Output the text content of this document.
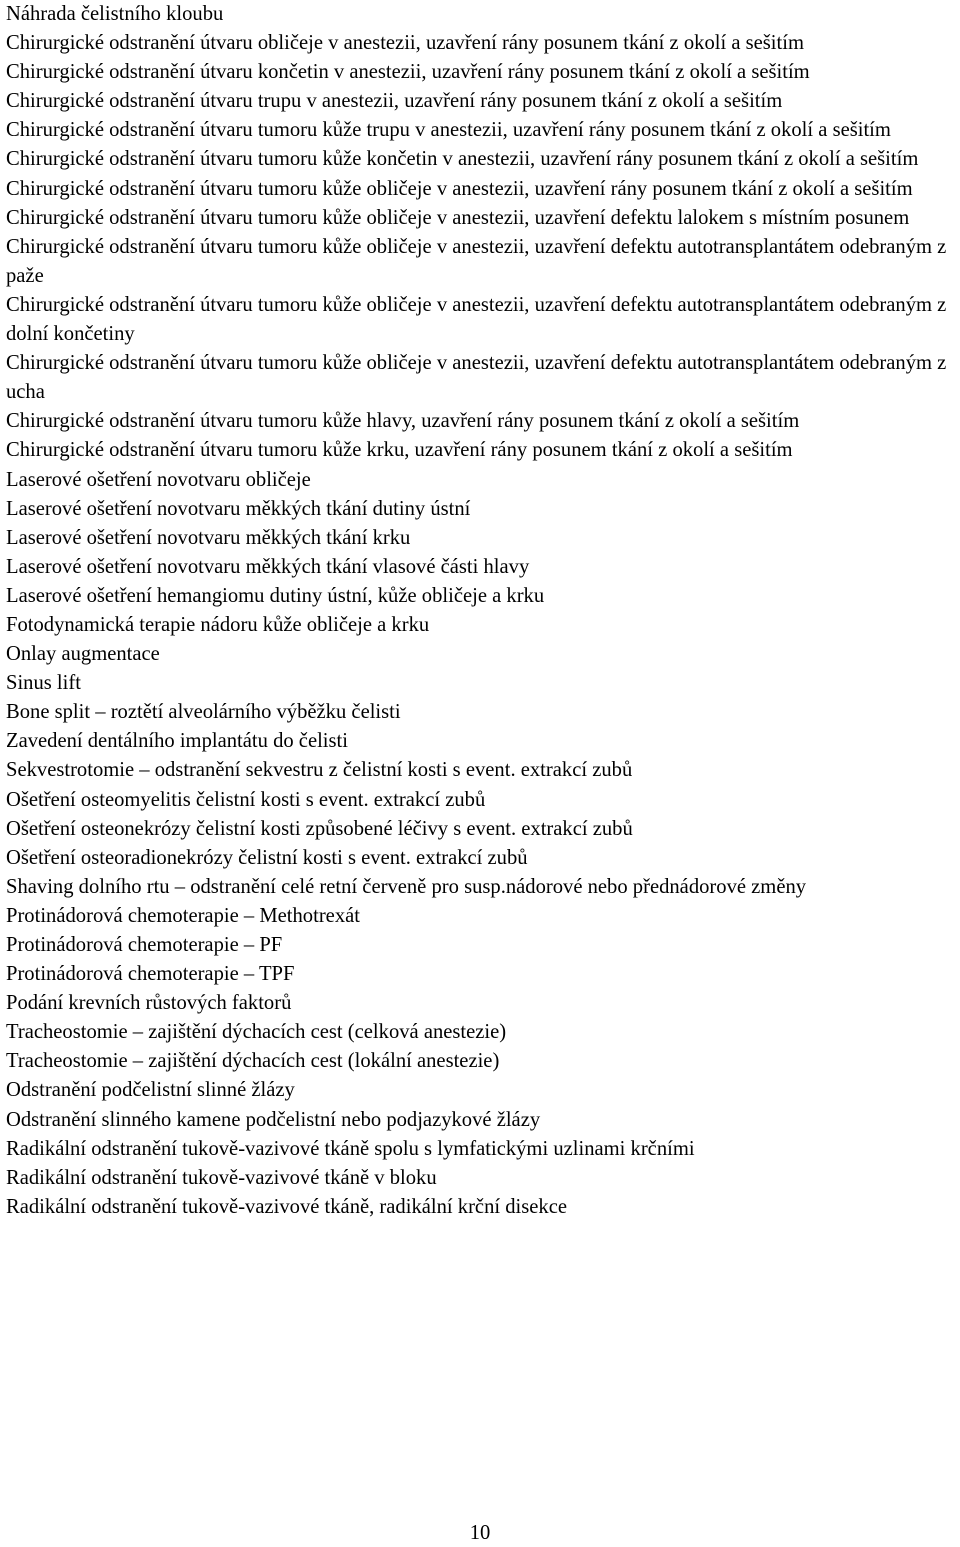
Náhrada čelistního kloubu
Chirurgické odstranění útvaru obličeje v anestezii, uzavření rány posunem tkání z okolí a sešitím
Chirurgické odstranění útvaru končetin v anestezii, uzavření rány posunem tkání z okolí a sešitím
Chirurgické odstranění útvaru trupu v anestezii, uzavření rány posunem tkání z okolí a sešitím
Chirurgické odstranění útvaru tumoru kůže trupu v anestezii, uzavření rány posunem tkání z okolí a sešitím
Chirurgické odstranění útvaru tumoru kůže končetin v anestezii, uzavření rány posunem tkání z okolí a sešitím
Chirurgické odstranění útvaru tumoru kůže obličeje v anestezii, uzavření rány posunem tkání z okolí a sešitím
Chirurgické odstranění útvaru tumoru kůže obličeje v anestezii, uzavření defektu lalokem s místním posunem
Chirurgické odstranění útvaru tumoru kůže obličeje v anestezii, uzavření defektu autotransplantátem odebraným z paže
Chirurgické odstranění útvaru tumoru kůže obličeje v anestezii, uzavření defektu autotransplantátem odebraným z dolní končetiny
Chirurgické odstranění útvaru tumoru kůže obličeje v anestezii, uzavření defektu autotransplantátem odebraným z ucha
Chirurgické odstranění útvaru tumoru kůže hlavy, uzavření rány posunem tkání z okolí a sešitím
Chirurgické odstranění útvaru tumoru kůže krku, uzavření rány posunem tkání z okolí a sešitím
Laserové ošetření novotvaru obličeje
Laserové ošetření novotvaru měkkých tkání dutiny ústní
Laserové ošetření novotvaru měkkých tkání krku
Laserové ošetření novotvaru měkkých tkání vlasové části hlavy
Laserové ošetření hemangiomu dutiny ústní, kůže obličeje a krku
Fotodynamická terapie nádoru kůže obličeje a krku
Onlay augmentace
Sinus lift
Bone split – roztětí alveolárního výběžku čelisti
Zavedení dentálního implantátu do čelisti
Sekvestrotomie – odstranění sekvestru z čelistní kosti s event. extrakcí zubů
Ošetření osteomyelitis čelistní kosti s event. extrakcí zubů
Ošetření osteonekrózy čelistní kosti způsobené léčivy s event. extrakcí zubů
Ošetření osteoradionekrózy čelistní kosti s event. extrakcí zubů
Shaving dolního rtu – odstranění celé retní červeně pro susp.nádorové nebo přednádorové změny
Protinádorová chemoterapie – Methotrexát
Protinádorová chemoterapie – PF
Protinádorová chemoterapie – TPF
Podání krevních růstových faktorů
Tracheostomie – zajištění dýchacích cest (celková anestezie)
Tracheostomie – zajištění dýchacích cest (lokální anestezie)
Odstranění podčelistní slinné žlázy
Odstranění slinného kamene podčelistní nebo podjazykové žlázy
Radikální odstranění tukově-vazivové tkáně spolu s lymfatickými uzlinami krčními
Radikální odstranění tukově-vazivové tkáně v bloku
Radikální odstranění tukově-vazivové tkáně, radikální krční disekce
10
